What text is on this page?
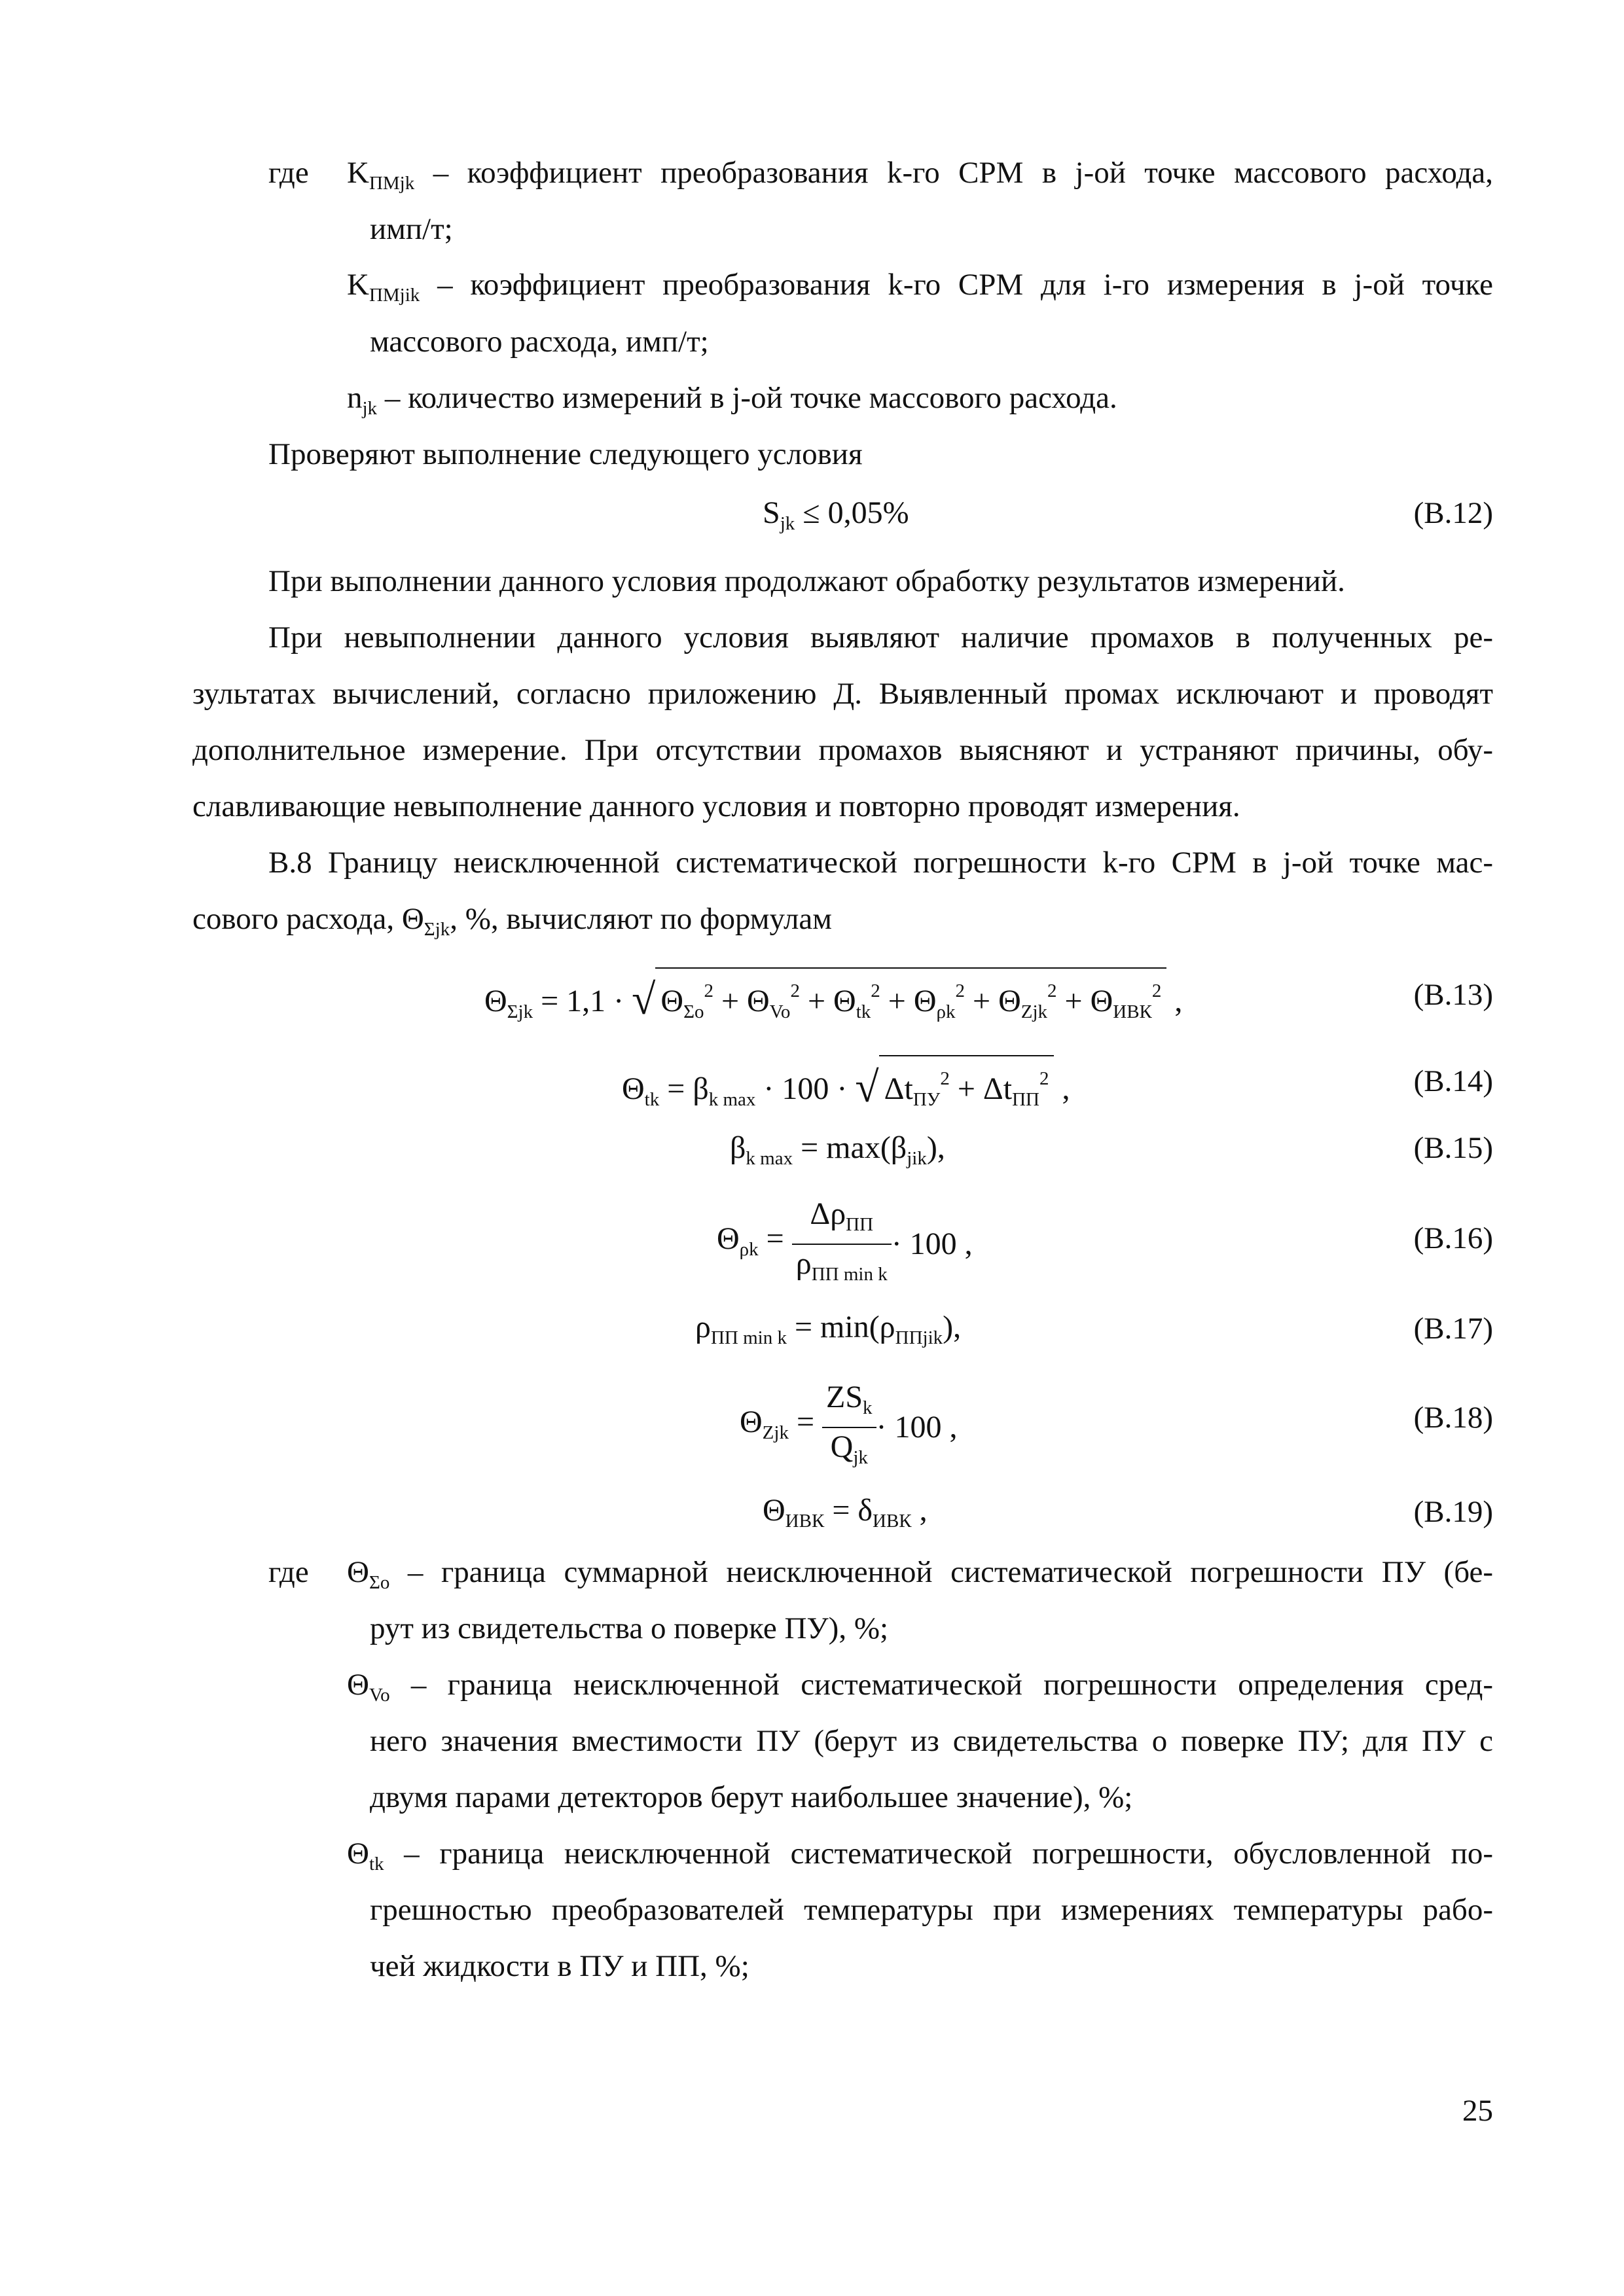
где $K_{ПМjk}$ – коэффициент преобразования k-го СРМ в j-ой точке массового расхода,
имп/т;
$K_{ПМjik}$ – коэффициент преобразования k-го СРМ для i-го измерения в j-ой точке
массового расхода, имп/т;
$n_{jk}$ – количество измерений в j-ой точке массового расхода.
Проверяют выполнение следующего условия
$S_{jk} \le 0,05\%$	(В.12)
При выполнении данного условия продолжают обработку результатов измерений.
При невыполнении данного условия выявляют наличие промахов в полученных ре-
зультатах вычислений, согласно приложению Д. Выявленный промах исключают и проводят
дополнительное измерение. При отсутствии промахов выясняют и устраняют причины, обу-
славливающие невыполнение данного условия и повторно проводят измерения.
В.8 Границу неисключенной систематической погрешности k-го СРМ в j-ой точке мас-
сового расхода, $\Theta_{\Sigma jk}$, %, вычисляют по формулам
$\Theta_{\Sigma jk} = 1,1$ · √ $\Theta_{\Sigma o}^2 + \Theta_{Vo}^2 + \Theta_{tk}^2 + \Theta_{\rho k}^2 + \Theta_{Zjk}^2 + \Theta_{ИВК}^2$ ,	(В.13)
$\Theta_{tk} = \beta_{k max} \cdot 100$ · √ $\Delta t_{ПУ}^2 + \Delta t_{ПП}^2$ ,	(В.14)
$\beta_{k max} = \max(\beta_{jik})$,	(В.15)
$\Theta_{\rho k} = \frac{\Delta\rho_{ПП}}{\rho_{ПП min k}} \cdot 100$ ,	(В.16)
$\rho_{ПП min k} = \min(\rho_{ППjik})$,	(В.17)
$\Theta_{Zjk} = \frac{ZS_k}{Q_{jk}} \cdot 100$ ,	(В.18)
$\Theta_{ИВК} = \delta_{ИВК}$ ,	(В.19)
где $\Theta_{\Sigma o}$ – граница суммарной неисключенной систематической погрешности ПУ (бе-
рут из свидетельства о поверке ПУ), %;
$\Theta_{Vo}$ – граница неисключенной систематической погрешности определения сред-
него значения вместимости ПУ (берут из свидетельства о поверке ПУ; для ПУ с
двумя парами детекторов берут наибольшее значение), %;
$\Theta_{tk}$ – граница неисключенной систематической погрешности, обусловленной по-
грешностью преобразователей температуры при измерениях температуры рабо-
чей жидкости в ПУ и ПП, %;
25
